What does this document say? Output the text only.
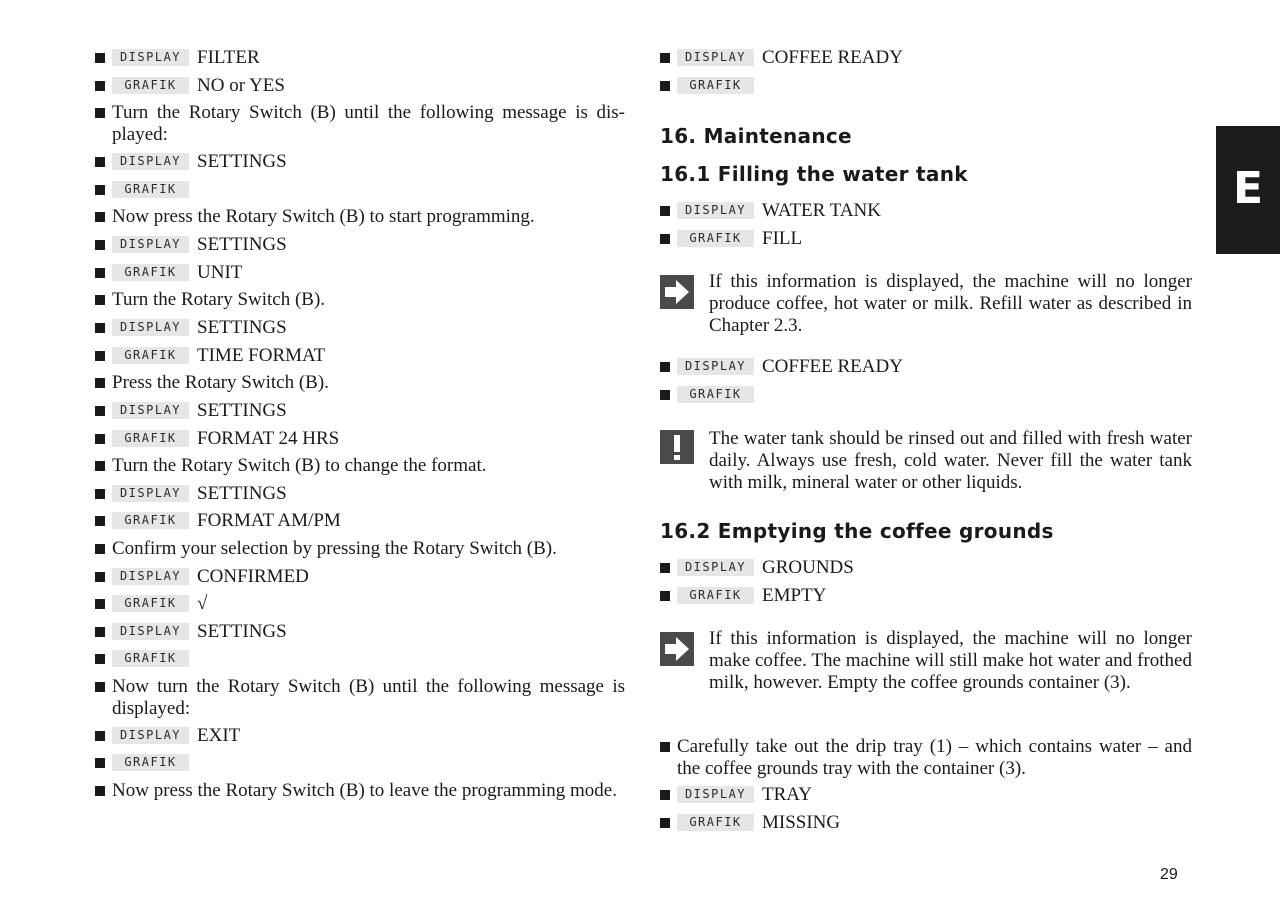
DISPLAY FILTER
GRAFIK NO or YES
Turn the Rotary Switch (B) until the following message is dis-played:
DISPLAY SETTINGS
GRAFIK
Now press the Rotary Switch (B) to start programming.
DISPLAY SETTINGS
GRAFIK UNIT
Turn the Rotary Switch (B).
DISPLAY SETTINGS
GRAFIK TIME FORMAT
Press the Rotary Switch (B).
DISPLAY SETTINGS
GRAFIK FORMAT 24 HRS
Turn the Rotary Switch (B) to change the format.
DISPLAY SETTINGS
GRAFIK FORMAT AM/PM
Confirm your selection by pressing the Rotary Switch (B).
DISPLAY CONFIRMED
GRAFIK √
DISPLAY SETTINGS
GRAFIK
Now turn the Rotary Switch (B) until the following message is displayed:
DISPLAY EXIT
GRAFIK
Now press the Rotary Switch (B) to leave the programming mode.
DISPLAY COFFEE READY
GRAFIK
16. Maintenance
16.1 Filling the water tank
DISPLAY WATER TANK
GRAFIK FILL
If this information is displayed, the machine will no longer produce coffee, hot water or milk. Refill water as described in Chapter 2.3.
DISPLAY COFFEE READY
GRAFIK
The water tank should be rinsed out and filled with fresh water daily. Always use fresh, cold water. Never fill the water tank with milk, mineral water or other liquids.
16.2 Emptying the coffee grounds
DISPLAY GROUNDS
GRAFIK EMPTY
If this information is displayed, the machine will no longer make coffee. The machine will still make hot water and frothed milk, however. Empty the coffee grounds container (3).
Carefully take out the drip tray (1) – which contains water – and the coffee grounds tray with the container (3).
DISPLAY TRAY
GRAFIK MISSING
E
29
